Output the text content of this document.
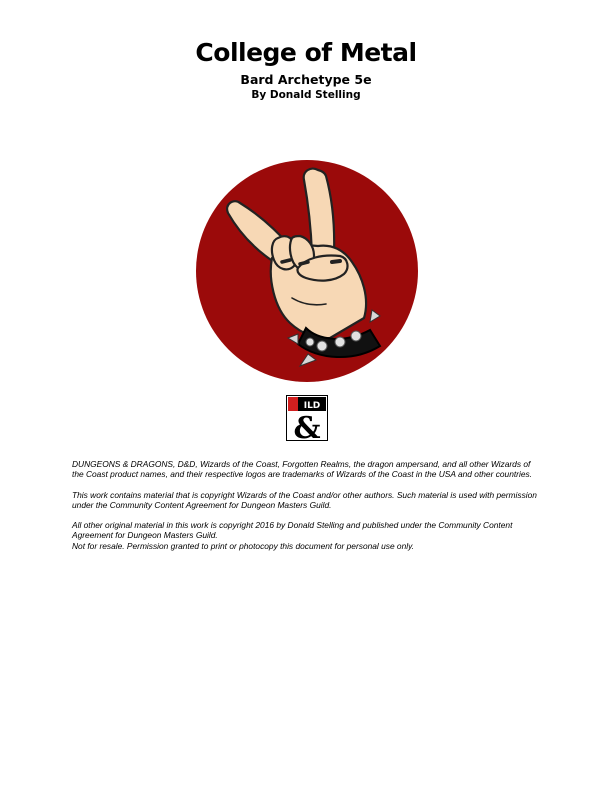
College of Metal
Bard Archetype 5e
By Donald Stelling
ILD
&

DUNGEONS & DRAGONS, D&D, Wizards of the Coast, Forgotten Realms, the dragon ampersand, and all other Wizards of the Coast product names, and their respective logos are trademarks of Wizards of the Coast in the USA and other countries.

This work contains material that is copyright Wizards of the Coast and/or other authors. Such material is used with permission under the Community Content Agreement for Dungeon Masters Guild.

All other original material in this work is copyright 2016 by Donald Stelling and published under the Community Content Agreement for Dungeon Masters Guild.

Not for resale. Permission granted to print or photocopy this document for personal use only.
